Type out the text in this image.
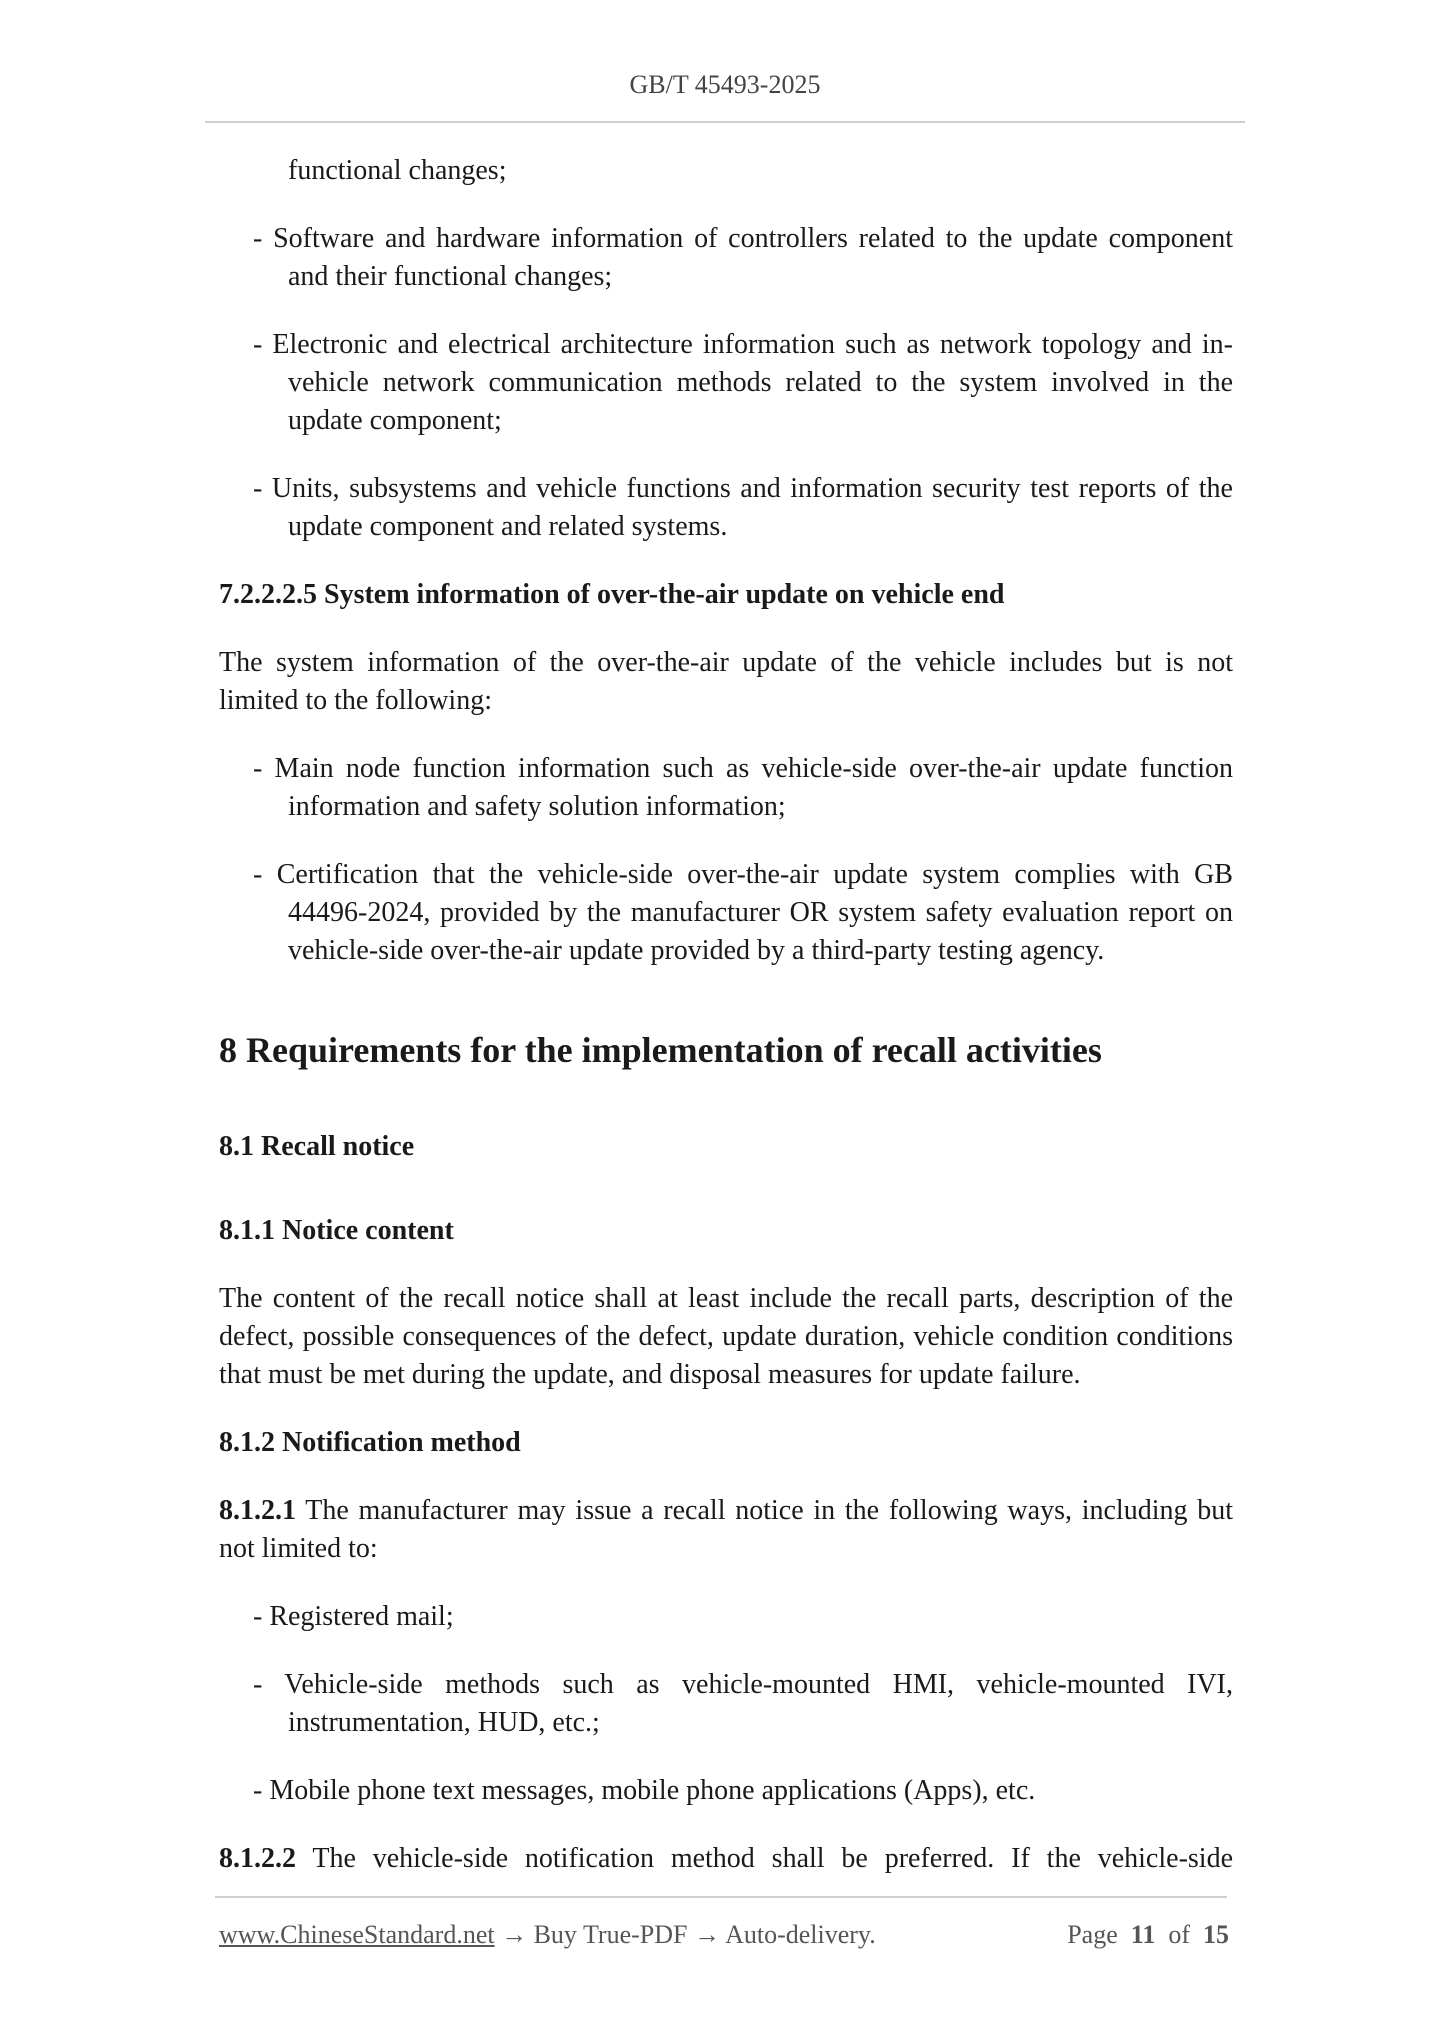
GB/T 45493-2025

functional changes;

- Software and hardware information of controllers related to the update component and their functional changes;

- Electronic and electrical architecture information such as network topology and in-vehicle network communication methods related to the system involved in the update component;

- Units, subsystems and vehicle functions and information security test reports of the update component and related systems.

7.2.2.2.5 System information of over-the-air update on vehicle end

The system information of the over-the-air update of the vehicle includes but is not limited to the following:

- Main node function information such as vehicle-side over-the-air update function information and safety solution information;

- Certification that the vehicle-side over-the-air update system complies with GB 44496-2024, provided by the manufacturer OR system safety evaluation report on vehicle-side over-the-air update provided by a third-party testing agency.

8 Requirements for the implementation of recall activities

8.1 Recall notice

8.1.1 Notice content

The content of the recall notice shall at least include the recall parts, description of the defect, possible consequences of the defect, update duration, vehicle condition conditions that must be met during the update, and disposal measures for update failure.

8.1.2 Notification method

8.1.2.1 The manufacturer may issue a recall notice in the following ways, including but not limited to:

- Registered mail;

- Vehicle-side methods such as vehicle-mounted HMI, vehicle-mounted IVI, instrumentation, HUD, etc.;

- Mobile phone text messages, mobile phone applications (Apps), etc.

8.1.2.2 The vehicle-side notification method shall be preferred. If the vehicle-side

www.ChineseStandard.net → Buy True-PDF → Auto-delivery.	Page 11 of 15
